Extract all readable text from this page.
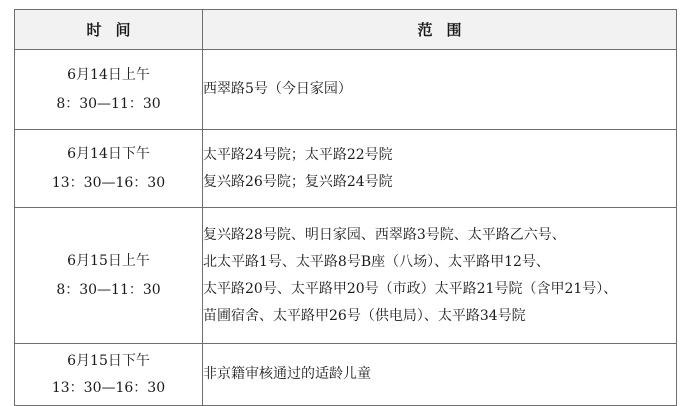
时间	范围

6月14日上午
8：30—11：30	西翠路5号（今日家园）

6月14日下午
13：30—16：30	太平路24号院；太平路22号院
复兴路26号院；复兴路24号院

6月15日上午
8：30—11：30	复兴路28号院、明日家园、西翠路3号院、太平路乙六号、
北太平路1号、太平路8号B座（八场）、太平路甲12号、
太平路20号、太平路甲20号（市政）太平路21号院（含甲21号）、
苗圃宿舍、太平路甲26号（供电局）、太平路34号院

6月15日下午
13：30—16：30	非京籍审核通过的适龄儿童
